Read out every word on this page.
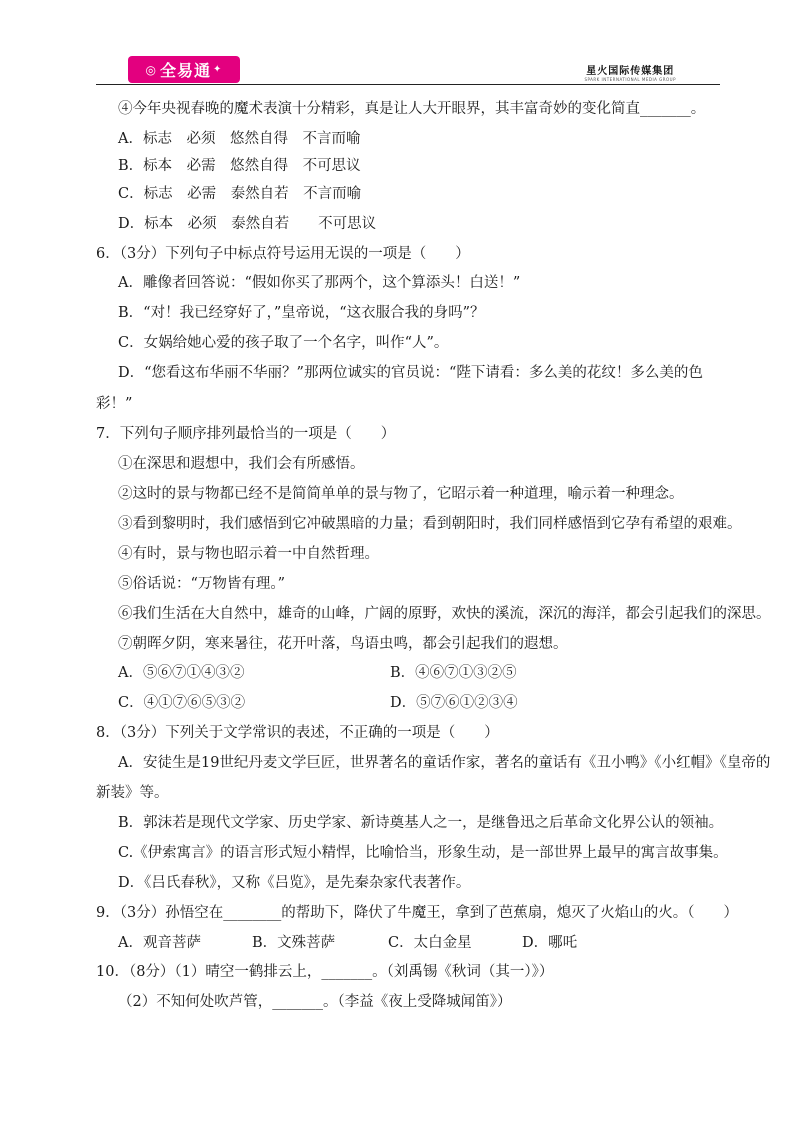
◎ 全易通 ✦	星火国际传媒集团
SPARK INTERNATIONAL MEDIA GROUP
④今年央视春晚的魔术表演十分精彩，真是让人大开眼界，其丰富奇妙的变化简直_______。
A．标志　必须　悠然自得　不言而喻
B．标本　必需　悠然自得　不可思议
C．标志　必需　泰然自若　不言而喻
D．标本　必须　泰然自若　　不可思议
6．（3分）下列句子中标点符号运用无误的一项是（　　）
A．雕像者回答说：“假如你买了那两个，这个算添头！白送！”
B．“对！我已经穿好了，”皇帝说，“这衣服合我的身吗”？
C．女娲给她心爱的孩子取了一个名字，叫作“人”。
D．“您看这布华丽不华丽？”那两位诚实的官员说：“陛下请看：多么美的花纹！多么美的色
彩！”
7．下列句子顺序排列最恰当的一项是（　　）
①在深思和遐想中，我们会有所感悟。
②这时的景与物都已经不是简简单单的景与物了，它昭示着一种道理，喻示着一种理念。
③看到黎明时，我们感悟到它冲破黑暗的力量；看到朝阳时，我们同样感悟到它孕有希望的艰难。
④有时，景与物也昭示着一中自然哲理。
⑤俗话说：“万物皆有理。”
⑥我们生活在大自然中，雄奇的山峰，广阔的原野，欢快的溪流，深沉的海洋，都会引起我们的深思。
⑦朝晖夕阴，寒来暑往，花开叶落，鸟语虫鸣，都会引起我们的遐想。
A．⑤⑥⑦①④③②	B．④⑥⑦①③②⑤
C．④①⑦⑥⑤③②	D．⑤⑦⑥①②③④
8．（3分）下列关于文学常识的表述，不正确的一项是（　　）
A．安徒生是19世纪丹麦文学巨匠，世界著名的童话作家，著名的童话有《丑小鸭》《小红帽》《皇帝的
新装》等。
B．郭沫若是现代文学家、历史学家、新诗奠基人之一，是继鲁迅之后革命文化界公认的领袖。
C.《伊索寓言》的语言形式短小精悍，比喻恰当，形象生动，是一部世界上最早的寓言故事集。
D．《吕氏春秋》，又称《吕览》，是先秦杂家代表著作。
9．（3分）孙悟空在________的帮助下，降伏了牛魔王，拿到了芭蕉扇，熄灭了火焰山的火。（　　）
A．观音菩萨	B．文殊菩萨	C．太白金星	D．哪吒
10．（8分）（1）晴空一鹤排云上，_______。（刘禹锡《秋词（其一）》）
（2）不知何处吹芦管，_______。（李益《夜上受降城闻笛》）
